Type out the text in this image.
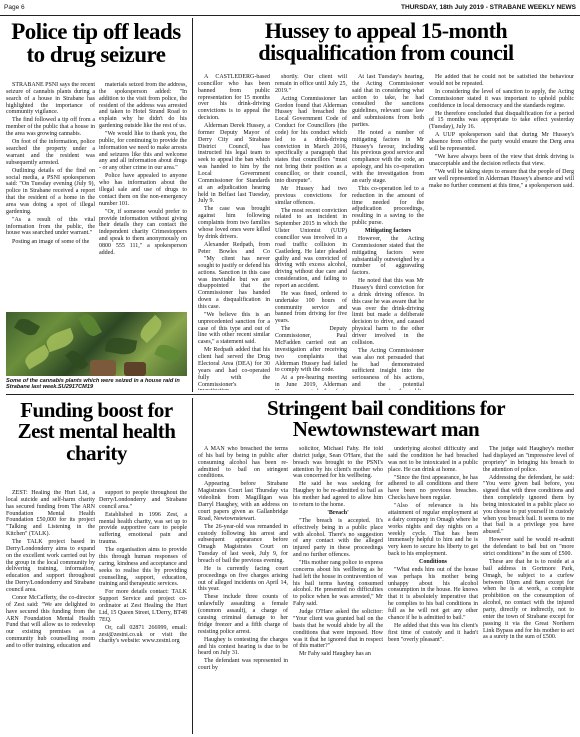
Page 6	THURSDAY, 18th July 2019 - STRABANE WEEKLY NEWS
Police tip off leads to drug seizure

STRABANE PSNI says the recent seizure of cannabis plants during a search of a house in Strabane has highlighted the importance of community vigilance.

The find followed a tip off from a member of the public that a house in the area was growing cannabis.

On foot of the information, police searched the property under a warrant and the resident was subsequently arrested.

Outlining details of the find on social media, a PSNI spokesperson said: "On Tuesday evening (July 9), police in Strabane received a report that the resident of a home in the area was doing a spot of illegal gardening.

"As a result of this vital information from the public, the house was searched under warrant."

Posting an image of some of the

materials seized from the address, the spokesperson added: "In addition to the visit from police, the resident of the address was arrested and taken to Hotel Strand Road to explain why he didn't do his gardening outside like the rest of us.

"We would like to thank you, the public, for continuing to provide the information we need to make arrests and seizures like this and welcome any and all information about drugs - or any other crime in our area."

Police have appealed to anyone who has information about the illegal sale and use of drugs to contact them on the non-emergency number 101.

"Or, if someone would prefer to provide information without giving their details they can contact the independent charity Crimestoppers and speak to them anonymously on 0800 555 111," a spokesperson added.

Some of the cannabis plants which were seized in a house raid in Strabane last week.SU2917CM19
Hussey to appeal 15-month disqualification from council

A CASTLEDERG-based councillor who has been banned from public representation for 15 months over his drink-driving convictions is to appeal the decision.

Alderman Derek Hussey, a former Deputy Mayor of Derry City and Strabane District Council, has instructed his legal team to seek to appeal the ban which was handed to him by the Local Government Commissioner for Standards at an adjudication hearing held in Belfast last Tuesday, July 9.

The case was brought against him following complaints from two families whose loved ones were killed by drink drivers.

Alexander Redpath, from Peter Bowles and Co

"My client has never sought to justify or defend his actions. Sanction in this case was inevitable but we are disappointed that the Commissioner has handed down a disqualification in this case.

"We believe this is an unprecedented sanction for a case of this type and out of line with other recent similar cases," a statement said.

Mr Redpath added that his client had served the Drug Electoral Area (DEA) for 30 years and had co-operated fully with the Commissioner's

shortly. Our client will remain in office until July 25, 2019."

Acting Commissioner Ian Gordon found that Alderman Hussey had breached the Local Government Code of Conduct for Councillors (the code) for his conduct which led to a drink-driving conviction in March 2016, specifically a paragraph that states that councillors "must not bring their position as a councillor, or their council, into disrepute".

Mr Hussey had two previous convictions for similar offences.

The most recent conviction related to an incident in September 2015 in which the Ulster Unionist (UUP) councillor was involved in a road traffic collision in Castlederg. He later pleaded guilty and was convicted of driving with excess alcohol, driving without due care and consideration, and failing to report an accident.

He was fined, ordered to undertake 100 hours of community service and banned from driving for five years.

The Deputy Commissioner, Paul McFadden carried out an investigation after receiving two complaints that Alderman Hussey had failed to comply with the code.

At a pre-hearing meeting in June 2019, Alderman

At last Tuesday's hearing, the Acting Commissioner said that in considering what action to take, he had consulted the sanctions guidelines, relevant case law and submissions from both parties.

He noted a number of mitigating factors in Mr Hussey's favour, including his previous good service and compliance with the code, an apology, and his co-operation with the investigation from an early stage.

This co-operation led to a reduction in the amount of time needed for the adjudication proceedings, resulting in a saving to the public purse.

Mitigating factors

However, the Acting Commissioner stated that the mitigating factors were substantially outweighed by a number of aggravating factors.

He noted that this was Mr Hussey's third conviction for a drink driving offence. In this case he was aware that he was over the drink-driving limit but made a deliberate decision to drive, and caused physical harm to the other driver involved in the collision.

The Acting Commissioner was also not persuaded that he had demonstrated sufficient insight into the seriousness of his actions, and the potential

He added that he could not be satisfied the behaviour would not be repeated.

In considering the level of sanction to apply, the Acting Commissioner stated it was important to uphold public confidence in local democracy and the standards regime.

He therefore concluded that disqualification for a period of 15 months was appropriate to take effect yesterday (Tuesday), July 16.

A UUP spokesperson said that during Mr Hussey's absence from office the party would ensure the Derg area will be represented.

"We have always been of the view that drink driving is unacceptable and the decision reflects that view.

"We will be taking steps to ensure that the people of Derg are well represented in Alderman Hussey's absence and will make no further comment at this time," a spokesperson said.

Funding boost for Zest mental health charity

ZEST: Healing the Hurt Ltd, a local suicide and self-harm charity has secured funding from The ARN Foundation Mental Health Foundation £50,000 for its project "Talking and Listening in the Kitchen" (TALK).

The TALK project based in Derry/Londonderry aims to expand on the excellent work carried out by the group in the local community by delivering training, information, education and support throughout the Derry/Londonderry and Strabane council area.

Conor McCafferty, the co-director of Zest said: "We are delighted to have secured this funding from the ARN Foundation Mental Health Fund that will allow us to redevelop our existing premises as a community hub counselling room and to offer training, education and

support to people throughout the Derry/Londonderry and Strabane council area."

Established in 1996 Zest, a mental health charity, was set up to provide supportive care to people suffering emotional pain and trauma.

The organisation aims to provide this through human responses of caring, kindness and acceptance and seeks to realise this by providing counselling, support, education, training and therapeutic services.

For more details contact: TALK Support Service and project co-ordinator at Zest Healing the Hurt Ltd, 15 Queen Street, L'Derry, BT48 7EQ.

Or, call 02871 266999, email: zest@zestni.co.uk or visit the charity's website: www.zestni.org

Stringent bail conditions for Newtownstewart man

A MAN who breached the terms of his bail by being in public after consuming alcohol has been re-admitted to bail on stringent conditions.

Appearing before Strabane Magistrates Court last Thursday via videolink from Magilligan was Darryl Haughey, with an address on court papers given as Gallanbridge Road, Newtownstewart.

The 26-year-old was remanded in custody following his arrest and subsequent appearance before Omagh Magistrates Court on Tuesday of last week, July 9, for breach of bail the previous evening.

He is currently facing court proceedings on five charges arising out of alleged incidents on April 14, this year.

These include three counts of unlawfully assaulting a female (common assault), a charge of causing criminal damage to her fridge freezer and a fifth charge of resisting police arrest.

Haughey is contesting the charges and his contest hearing is due to be heard on July 31.

The defendant was represented in court by

solicitor, Michael Fahy. He told district judge, Sean O'Hare, that the breach was brought to the PSNI's attention by his client's mother who was concerned for his wellbeing.

He said he was seeking for Haughey to be re-admitted to bail as his mother had agreed to allow him to return to the home.

'Breach'

"The breach is accepted. It's effectively being in a public place with alcohol. There's no suggestion of any contact with the alleged injured party in these proceedings and no further offences.

"His mother rang police to express concerns about his wellbeing as he had left the house in contravention of his bail terms having consumed alcohol. He presented no difficulties to police when he was arrested," Mr Fahy said.

Judge O'Hare asked the solicitor: "Your client was granted bail on the basis that he would abide by all the conditions that were imposed. How was it that he ignored that in respect of this matter?"

Mr Fahy said Haughey has an

underlying alcohol difficulty and said the condition he had breached was not to be intoxicated in a public place. He can drink at home.

"Since the first appearance, he has adhered to all conditions and there have been no previous breaches. Checks have been regular.

"Also of relevance is his attainment of regular employment at a dairy company in Omagh where he works nights and day nights on a weekly cycle. That has been immensely helpful to him and he is very keen to secure his liberty to get back to his employment.

Conditions

"What ends him out of the house was perhaps his mother being unhappy about his alcohol consumption in the house. He knows that it is absolutely imperative that he complies to his bail conditions in full as he will not get any other chance if he is admitted to bail."

He added that this was his client's first time of custody and it hadn't been "overly pleasant".

The judge said Haughey's mother had displayed an "impressive level of propriety" in bringing his breach to the attention of police.

Addressing the defendant, he said: "You were given bail before, you signed that with three conditions and then completely ignored them by being intoxicated in a public place so you choose to put yourself in custody when you breach bail. It seems to me that bail is a privilege you have abused."

However said he would re-admit the defendant to bail but on "more strict conditions" in the sum of £500.

These are that he is to reside at a bail address in Gortmore Park, Omagh, be subject to a curfew between 10pm and 8am except for when he is at work, a complete prohibition on the consumption of alcohol, no contact with the injured party, directly or indirectly, not to enter the town of Strabane except for passing it via the Great Northern Link Bypass and for his mother to act as a surety in the sum of £500.
